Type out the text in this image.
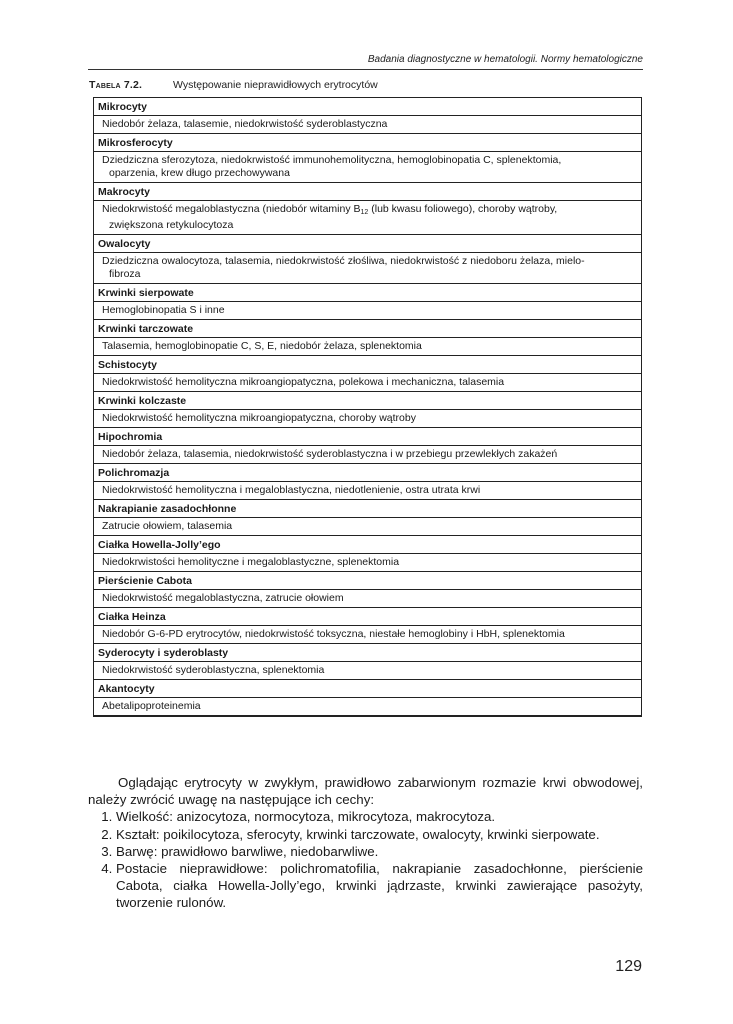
Badania diagnostyczne w hematologii. Normy hematologiczne
Tabela 7.2.	Występowanie nieprawidłowych erytrocytów
Mikrocyty
Niedobór żelaza, talasemie, niedokrwistość syderoblastyczna
Mikrosferocyty
Dziedziczna sferozytoza, niedokrwistość immunohemolityczna, hemoglobinopatia C, splenektomia,
oparzenia, krew długo przechowywana
Makrocyty
Niedokrwistość megaloblastyczna (niedobór witaminy $B_{12}$ (lub kwasu foliowego), choroby wątroby,
zwiększona retykulocytoza
Owalocyty
Dziedziczna owalocytoza, talasemia, niedokrwistość złośliwa, niedokrwistość z niedoboru żelaza, mielo-
fibroza
Krwinki sierpowate
Hemoglobinopatia S i inne
Krwinki tarczowate
Talasemia, hemoglobinopatie C, S, E, niedobór żelaza, splenektomia
Schistocyty
Niedokrwistość hemolityczna mikroangiopatyczna, polekowa i mechaniczna, talasemia
Krwinki kolczaste
Niedokrwistość hemolityczna mikroangiopatyczna, choroby wątroby
Hipochromia
Niedobór żelaza, talasemia, niedokrwistość syderoblastyczna i w przebiegu przewlekłych zakażeń
Polichromazja
Niedokrwistość hemolityczna i megaloblastyczna, niedotlenienie, ostra utrata krwi
Nakrapianie zasadochłonne
Zatrucie ołowiem, talasemia
Ciałka Howella-Jolly’ego
Niedokrwistości hemolityczne i megaloblastyczne, splenektomia
Pierścienie Cabota
Niedokrwistość megaloblastyczna, zatrucie ołowiem
Ciałka Heinza
Niedobór G-6-PD erytrocytów, niedokrwistość toksyczna, niestałe hemoglobiny i HbH, splenektomia
Syderocyty i syderoblasty
Niedokrwistość syderoblastyczna, splenektomia
Akantocyty
Abetalipoproteinemia

Oglądając erytrocyty w zwykłym, prawidłowo zabarwionym rozmazie krwi obwodowej, należy zwrócić uwagę na następujące ich cechy:

1. Wielkość: anizocytoza, normocytoza, mikrocytoza, makrocytoza.
2. Kształt: poikilocytoza, sferocyty, krwinki tarczowate, owalocyty, krwinki sierpowate.
3. Barwę: prawidłowo barwliwe, niedobarwliwe.
4. Postacie nieprawidłowe: polichromatofilia, nakrapianie zasadochłonne, pierścienie Cabota, ciałka Howella-Jolly’ego, krwinki jądrzaste, krwinki zawierające pasożyty, tworzenie rulonów.
129
